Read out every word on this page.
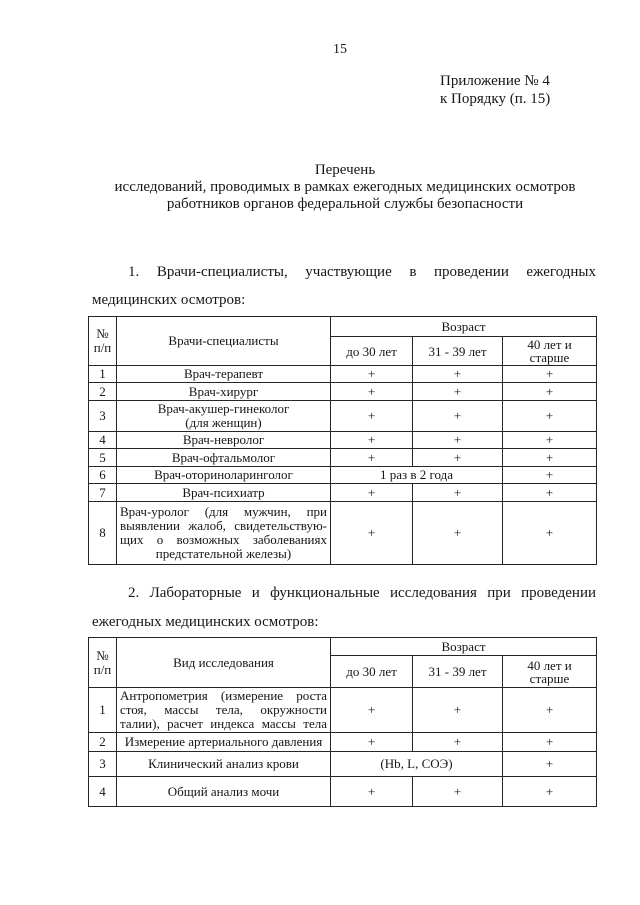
15
Приложение № 4
к Порядку (п. 15)
Перечень
исследований, проводимых в рамках ежегодных медицинских осмотров
работников органов федеральной службы безопасности
1. Врачи-специалисты, участвующие в проведении ежегодных
медицинских осмотров:
№ п/п	Врачи-специалисты	Возраст		
		до 30 лет	31 - 39 лет	40 лет и старше
1	Врач-терапевт	+	+	+
2	Врач-хирург	+	+	+
3	Врач-акушер-гинеколог
(для женщин)	+	+	+
4	Врач-невролог	+	+	+
5	Врач-офтальмолог	+	+	+
6	Врач-оториноларинголог	1 раз в 2 года		+
7	Врач-психиатр	+	+	+
8	Врач-уролог (для мужчин, при
выявлении жалоб, свидетельствую-
щих о возможных заболеваниях
предстательной железы)	+	+	+
2. Лабораторные и функциональные исследования при проведении
ежегодных медицинских осмотров:
№ п/п	Вид исследования	Возраст		
		до 30 лет	31 - 39 лет	40 лет и старше
1	Антропометрия (измерение роста
стоя, массы тела, окружности
талии), расчет индекса массы тела	+	+	+
2	Измерение артериального давления	+	+	+
3	Клинический анализ крови	(Hb, L, СОЭ)		+
4	Общий анализ мочи	+	+	+
